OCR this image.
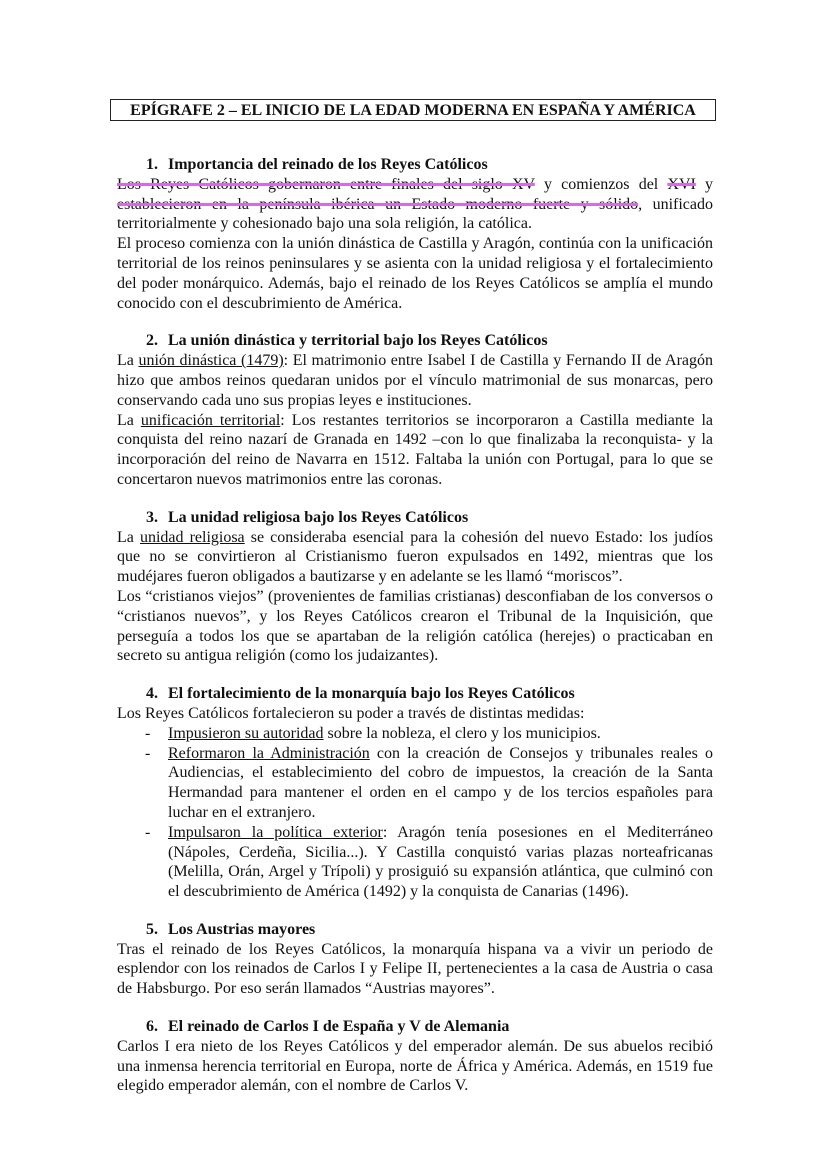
EPÍGRAFE 2 – EL INICIO DE LA EDAD MODERNA EN ESPAÑA Y AMÉRICA
1. Importancia del reinado de los Reyes Católicos

Los Reyes Católicos gobernaron entre finales del siglo XV y comienzos del XVI y establecieron en la península ibérica un Estado moderno fuerte y sólido, unificado territorialmente y cohesionado bajo una sola religión, la católica.

El proceso comienza con la unión dinástica de Castilla y Aragón, continúa con la unificación territorial de los reinos peninsulares y se asienta con la unidad religiosa y el fortalecimiento del poder monárquico. Además, bajo el reinado de los Reyes Católicos se amplía el mundo conocido con el descubrimiento de América.

2. La unión dinástica y territorial bajo los Reyes Católicos

La unión dinástica (1479): El matrimonio entre Isabel I de Castilla y Fernando II de Aragón hizo que ambos reinos quedaran unidos por el vínculo matrimonial de sus monarcas, pero conservando cada uno sus propias leyes e instituciones.

La unificación territorial: Los restantes territorios se incorporaron a Castilla mediante la conquista del reino nazarí de Granada en 1492 –con lo que finalizaba la reconquista- y la incorporación del reino de Navarra en 1512. Faltaba la unión con Portugal, para lo que se concertaron nuevos matrimonios entre las coronas.

3. La unidad religiosa bajo los Reyes Católicos

La unidad religiosa se consideraba esencial para la cohesión del nuevo Estado: los judíos que no se convirtieron al Cristianismo fueron expulsados en 1492, mientras que los mudéjares fueron obligados a bautizarse y en adelante se les llamó “moriscos”.

Los “cristianos viejos” (provenientes de familias cristianas) desconfiaban de los conversos o “cristianos nuevos”, y los Reyes Católicos crearon el Tribunal de la Inquisición, que perseguía a todos los que se apartaban de la religión católica (herejes) o practicaban en secreto su antigua religión (como los judaizantes).

4. El fortalecimiento de la monarquía bajo los Reyes Católicos

Los Reyes Católicos fortalecieron su poder a través de distintas medidas:

- Impusieron su autoridad sobre la nobleza, el clero y los municipios.
- Reformaron la Administración con la creación de Consejos y tribunales reales o Audiencias, el establecimiento del cobro de impuestos, la creación de la Santa Hermandad para mantener el orden en el campo y de los tercios españoles para luchar en el extranjero.
- Impulsaron la política exterior: Aragón tenía posesiones en el Mediterráneo (Nápoles, Cerdeña, Sicilia...). Y Castilla conquistó varias plazas norteafricanas (Melilla, Orán, Argel y Trípoli) y prosiguió su expansión atlántica, que culminó con el descubrimiento de América (1492) y la conquista de Canarias (1496).
5. Los Austrias mayores

Tras el reinado de los Reyes Católicos, la monarquía hispana va a vivir un periodo de esplendor con los reinados de Carlos I y Felipe II, pertenecientes a la casa de Austria o casa de Habsburgo. Por eso serán llamados “Austrias mayores”.

6. El reinado de Carlos I de España y V de Alemania

Carlos I era nieto de los Reyes Católicos y del emperador alemán. De sus abuelos recibió una inmensa herencia territorial en Europa, norte de África y América. Además, en 1519 fue elegido emperador alemán, con el nombre de Carlos V.
